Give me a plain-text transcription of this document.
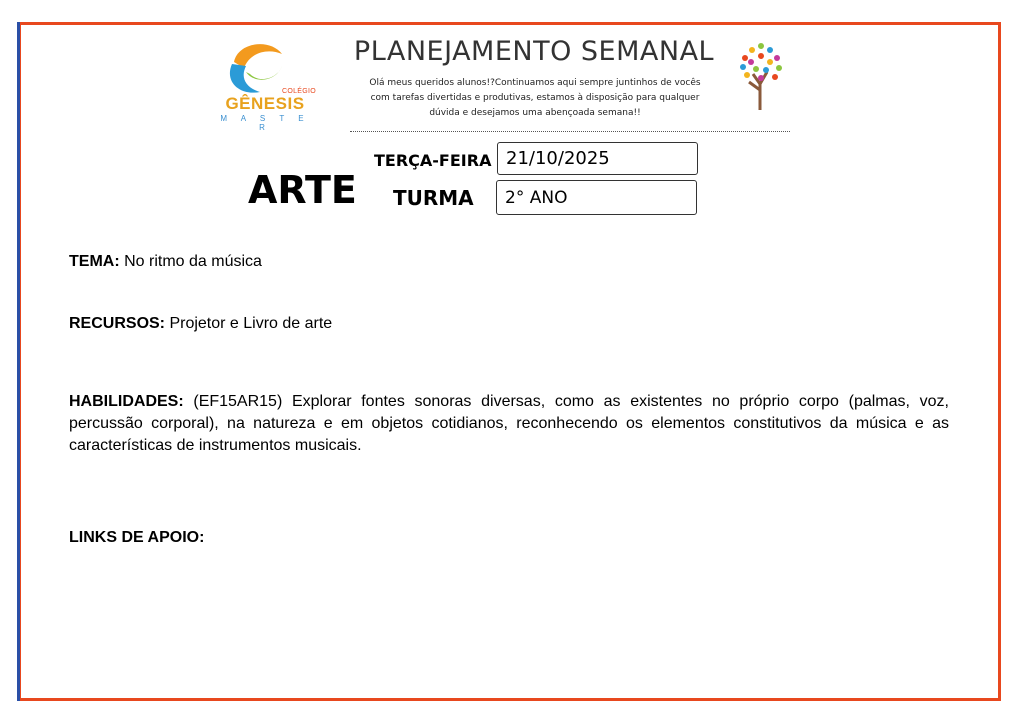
COLÉGIO
GÊNESIS
M A S T E R
PLANEJAMENTO SEMANAL
Olá meus queridos alunos!?Continuamos aqui sempre juntinhos de vocês com tarefas divertidas e produtivas, estamos à disposição para qualquer dúvida e desejamos uma abençoada semana!!
ARTE
TERÇA-FEIRA 21/10/2025
TURMA	2° ANO
TEMA: No ritmo da música
RECURSOS: Projetor e Livro de arte
HABILIDADES: (EF15AR15) Explorar fontes sonoras diversas, como as existentes no próprio corpo (palmas, voz, percussão corporal), na natureza e em objetos cotidianos, reconhecendo os elementos constitutivos da música e as características de instrumentos musicais.
LINKS DE APOIO:
